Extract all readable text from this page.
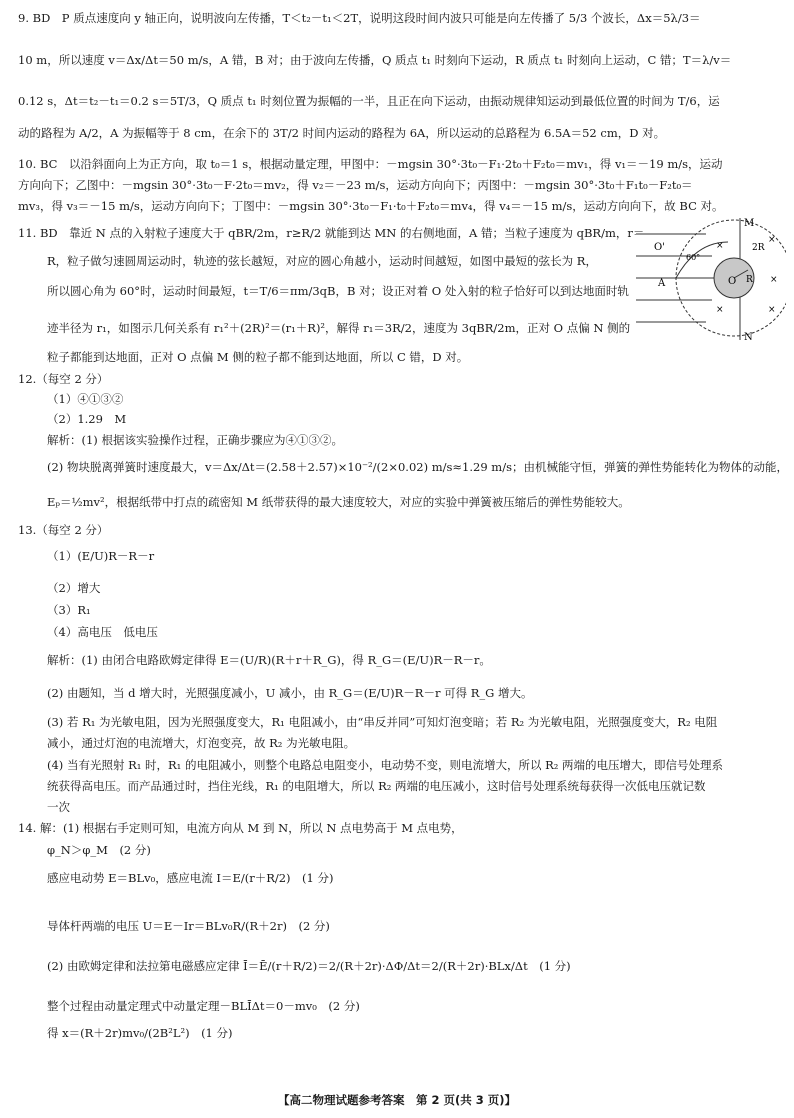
9. BD　P 质点速度向 y 轴正向，说明波向左传播，T＜t₂－t₁＜2T，说明这段时间内波只可能是向左传播了 5/3 个波长，Δx＝5λ/3＝
10 m，所以速度 v＝Δx/Δt＝50 m/s，A 错，B 对；由于波向左传播，Q 质点 t₁ 时刻向下运动，R 质点 t₁ 时刻向上运动，C 错；T＝λ/v＝
0.12 s，Δt＝t₂－t₁＝0.2 s＝5T/3，Q 质点 t₁ 时刻位置为振幅的一半，且正在向下运动，由振动规律知运动到最低位置的时间为 T/6，运
动的路程为 A/2，A 为振幅等于 8 cm，在余下的 3T/2 时间内运动的路程为 6A，所以运动的总路程为 6.5A＝52 cm，D 对。
10. BC　以沿斜面向上为正方向，取 t₀＝1 s，根据动量定理，甲图中：－mgsin 30°·3t₀－F₁·2t₀＋F₂t₀＝mv₁，得 v₁＝－19 m/s，运动
方向向下；乙图中：－mgsin 30°·3t₀－F·2t₀＝mv₂，得 v₂＝－23 m/s，运动方向向下；丙图中：－mgsin 30°·3t₀＋F₁t₀－F₂t₀＝
mv₃，得 v₃＝－15 m/s，运动方向向下；丁图中：－mgsin 30°·3t₀－F₁·t₀＋F₂t₀＝mv₄，得 v₄＝－15 m/s，运动方向向下，故 BC 对。
11. BD　靠近 N 点的入射粒子速度大于 qBR/2m，r≥R/2 就能到达 MN 的右侧地面，A 错；当粒子速度为 qBR/m，r＝
R，粒子做匀速圆周运动时，轨迹的弦长越短，对应的圆心角越小，运动时间越短，如图中最短的弦长为 R，
所以圆心角为 60°时，运动时间最短，t＝T/6＝πm/3qB，B 对；设正对着 O 处入射的粒子恰好可以到达地面时轨
迹半径为 r₁，如图示几何关系有 r₁²＋(2R)²＝(r₁＋R)²，解得 r₁＝3R/2，速度为 3qBR/2m，正对 O 点偏 N 侧的
粒子都能到达地面，正对 O 点偏 M 侧的粒子都不能到达地面，所以 C 错，D 对。
12.（每空 2 分）
（1）④①③②
（2）1.29　M
解析：(1) 根据该实验操作过程，正确步骤应为④①③②。
(2) 物块脱离弹簧时速度最大，v＝Δx/Δt＝(2.58＋2.57)×10⁻²/(2×0.02) m/s≈1.29 m/s；由机械能守恒，弹簧的弹性势能转化为物体的动能，
Eₚ＝½mv²，根据纸带中打点的疏密知 M 纸带获得的最大速度较大，对应的实验中弹簧被压缩后的弹性势能较大。
13.（每空 2 分）
（1）(E/U)R－R－r
（2）增大
（3）R₁
（4）高电压　低电压
解析：(1) 由闭合电路欧姆定律得 E＝(U/R)(R＋r＋R_G)，得 R_G＝(E/U)R－R－r。
(2) 由题知，当 d 增大时，光照强度减小，U 减小，由 R_G＝(E/U)R－R－r 可得 R_G 增大。
(3) 若 R₁ 为光敏电阻，因为光照强度变大，R₁ 电阻减小，由“串反并同”可知灯泡变暗；若 R₂ 为光敏电阻，光照强度变大，R₂ 电阻
减小，通过灯泡的电流增大，灯泡变亮，故 R₂ 为光敏电阻。
(4) 当有光照射 R₁ 时，R₁ 的电阻减小，则整个电路总电阻变小，电动势不变，则电流增大，所以 R₂ 两端的电压增大，即信号处理系
统获得高电压。而产品通过时，挡住光线，R₁ 的电阻增大，所以 R₂ 两端的电压减小，这时信号处理系统每获得一次低电压就记数
一次
14. 解：(1) 根据右手定则可知，电流方向从 M 到 N，所以 N 点电势高于 M 点电势，
φ_N＞φ_M　(2 分)
感应电动势 E＝BLv₀，感应电流 I＝E/(r＋R/2)　(1 分)
导体杆两端的电压 U＝E－Ir＝BLv₀R/(R＋2r)　(2 分)
(2) 由欧姆定律和法拉第电磁感应定律 Ī＝Ē/(r＋R/2)＝2/(R＋2r)·ΔΦ/Δt＝2/(R＋2r)·BLx/Δt　(1 分)
整个过程由动量定理式中动量定理－BLĪΔt＝0－mv₀　(2 分)
得 x＝(R＋2r)mv₀/(2B²L²)　(1 分)
M
N
O
O'
A	R
2R
60°
×
×
×
×
×
【高二物理试题参考答案　第 2 页(共 3 页)】
